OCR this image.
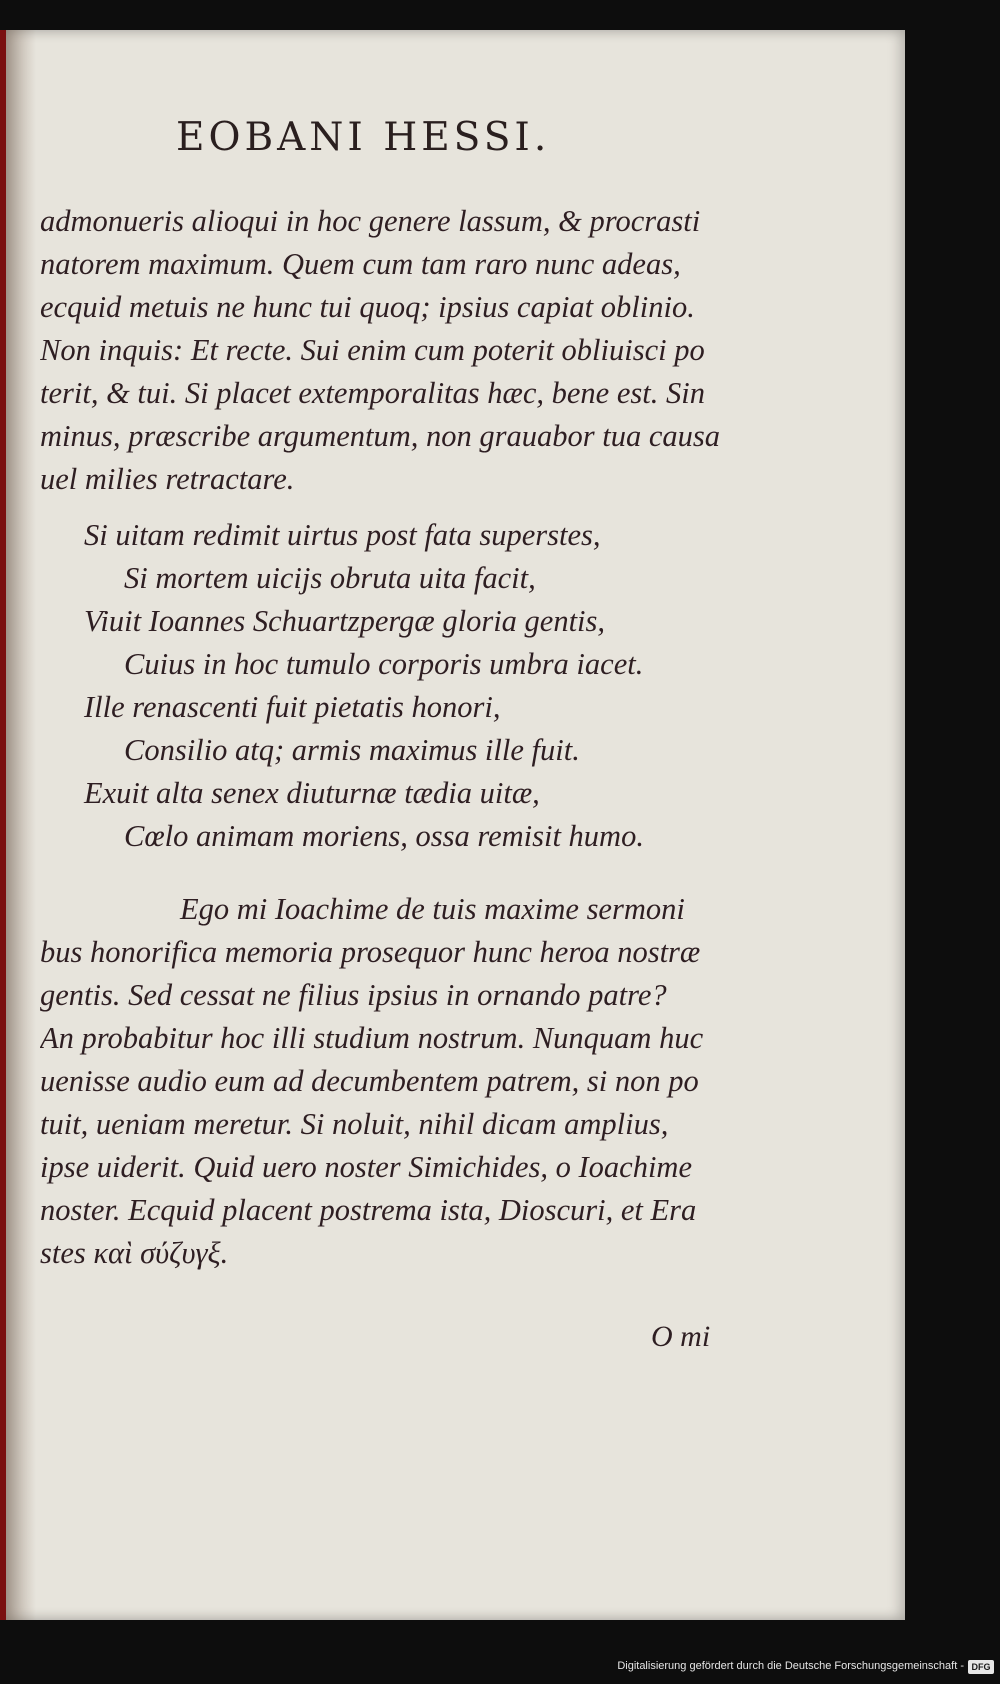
EOBANI HESSI.
admonueris alioqui in hoc genere lassum, & procrasti
natorem maximum. Quem cum tam raro nunc adeas,
ecquid metuis ne hunc tui quoq; ipsius capiat oblinio.
Non inquis: Et recte. Sui enim cum poterit obliuisci po
terit, & tui. Si placet extemporalitas hæc, bene est. Sin
minus, præscribe argumentum, non grauabor tua causa
uel milies retractare.
Si uitam redimit uirtus post fata superstes,
Si mortem uicijs obruta uita facit,
Viuit Ioannes Schuartzpergæ gloria gentis,
Cuius in hoc tumulo corporis umbra iacet.
Ille renascenti fuit pietatis honori,
Consilio atq; armis maximus ille fuit.
Exuit alta senex diuturnæ tædia uitæ,
Cœlo animam moriens, ossa remisit humo.
Ego mi Ioachime de tuis maxime sermoni
bus honorifica memoria prosequor hunc heroa nostræ
gentis. Sed cessat ne filius ipsius in ornando patre?
An probabitur hoc illi studium nostrum. Nunquam huc
uenisse audio eum ad decumbentem patrem, si non po
tuit, ueniam meretur. Si noluit, nihil dicam amplius,
ipse uiderit. Quid uero noster Simichides, o Ioachime
noster. Ecquid placent postrema ista, Dioscuri, et Era
stes καὶ σύζυγξ.
O mi
Digitalisierung gefördert durch die Deutsche Forschungsgemeinschaft - DFG
